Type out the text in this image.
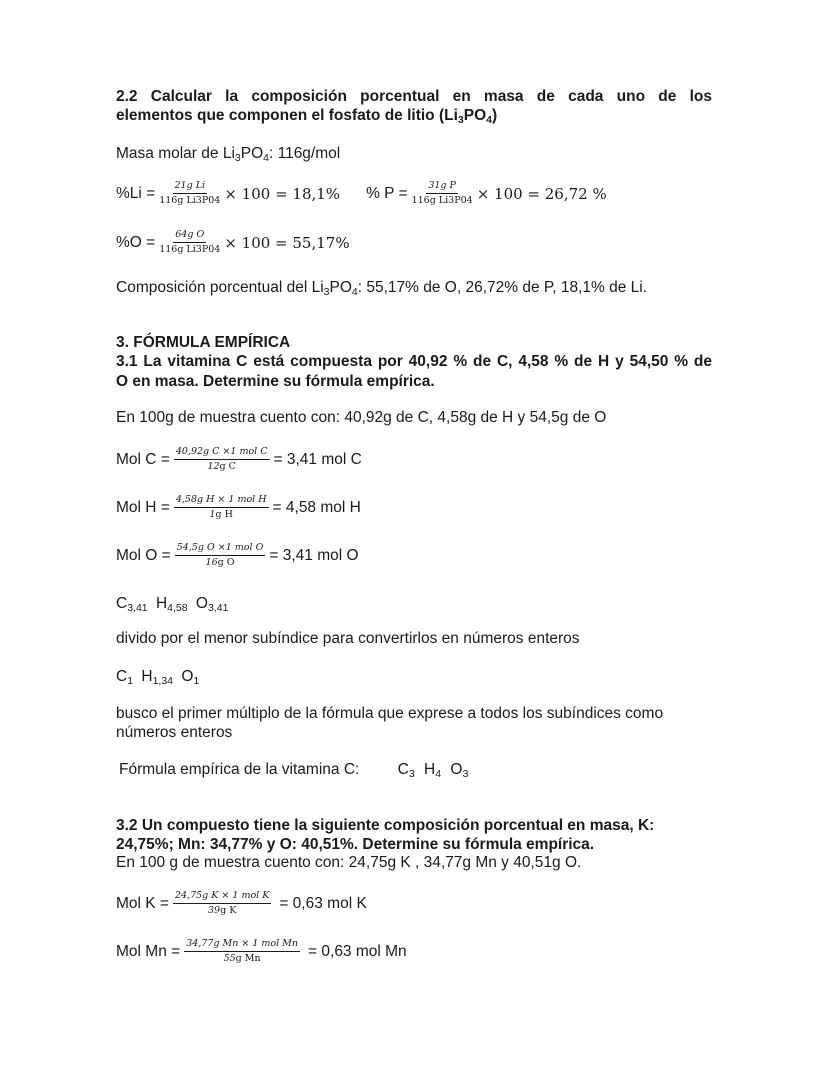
2.2 Calcular la composición porcentual en masa de cada uno de los
elementos que componen el fosfato de litio $(Li_3PO_4)$
Masa molar de $Li_3PO_4$: 116g/mol
$\%Li = \frac{\text{21g Li}}{\text{116g Li3P04}} \times 100 = 18,1\%$ % $P = \frac{\text{31g P}}{\text{116g Li3P04}} \times 100 = 26,72$ %
$\%O = \frac{\text{64g O}}{\text{116g Li3P04}} \times 100 = 55,17\%$
Composición porcentual del $Li_3PO_4$: 55,17% de O, 26,72% de P, 18,1% de Li.
3. FÓRMULA EMPÍRICA
3.1 La vitamina C está compuesta por 40,92 % de C, 4,58 % de H y 54,50 % de
O en masa. Determine su fórmula empírica.
En 100g de muestra cuento con: 40,92g de C, 4,58g de H y 54,5g de O
Mol $C = \frac{\text{40,92g C ×1 mol C}}{\text{12g C}} = 3,41$ mol C
Mol $H = \frac{\text{4,58g H × 1 mol H}}{\text{1g H}} = 4,58$ mol H
Mol $O = \frac{\text{54,5g O ×1 mol O}}{\text{16g O}} = 3,41$ mol O
C3,41 H4,58 O3,41
divido por el menor subíndice para convertirlos en números enteros
C1 H1,34 O1
busco el primer múltiplo de la fórmula que exprese a todos los subíndices como
números enteros
Fórmula empírica de la vitamina C: C3 H4 O3
3.2 Un compuesto tiene la siguiente composición porcentual en masa, K:
24,75%; Mn: 34,77% y O: 40,51%. Determine su fórmula empírica.
En 100 g de muestra cuento con: 24,75g K , 34,77g Mn y 40,51g O.
Mol $K = \frac{\text{24,75g K × 1 mol K}}{\text{39g K}} = 0,63$ mol K
Mol $Mn = \frac{\text{34,77g Mn × 1 mol Mn}}{\text{55g Mn}} = 0,63$ mol Mn
